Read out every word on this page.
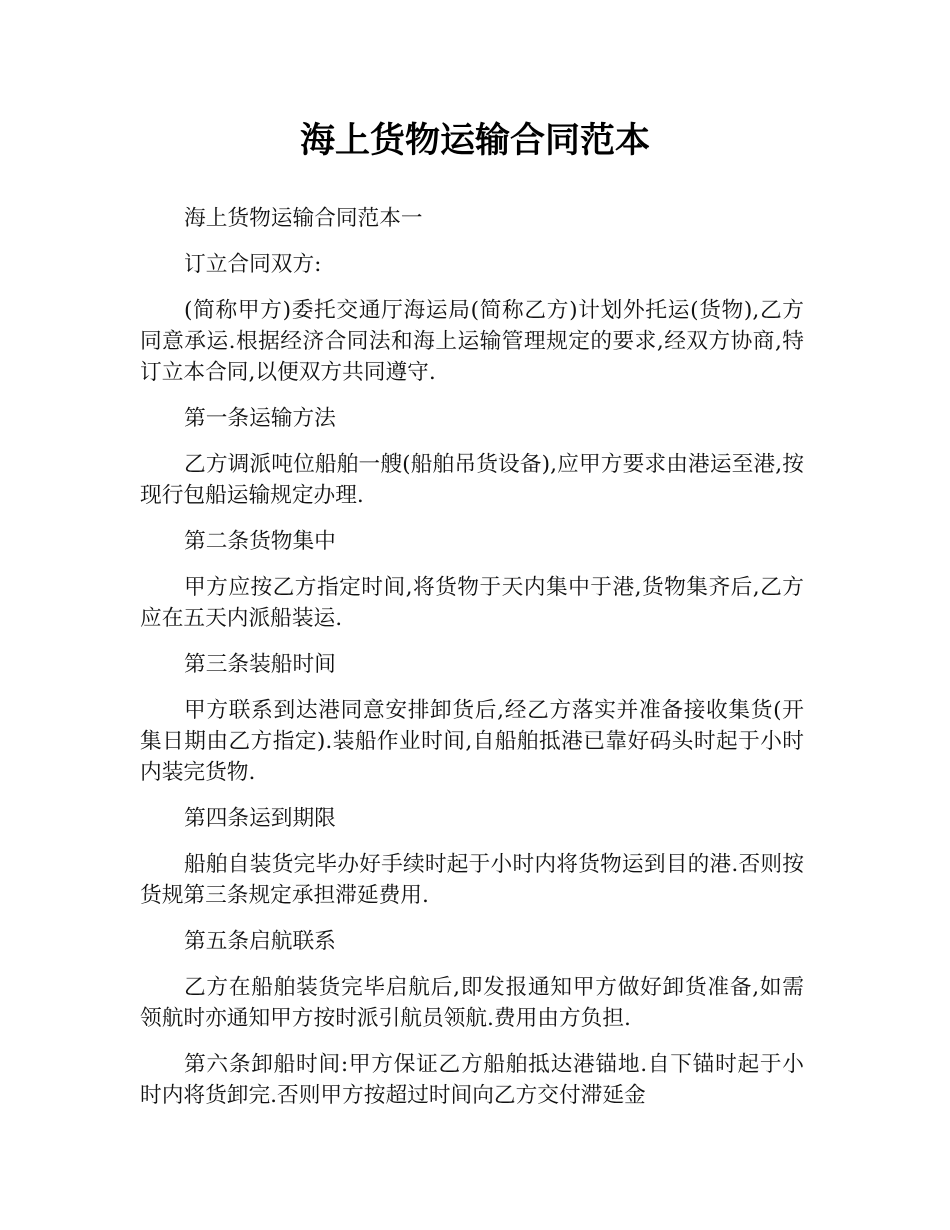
海上货物运输合同范本

海上货物运输合同范本一

订立合同双方:

(简称甲方)委托交通厅海运局(简称乙方)计划外托运(货物),乙方同意承运.根据经济合同法和海上运输管理规定的要求,经双方协商,特订立本合同,以便双方共同遵守.

第一条运输方法

乙方调派吨位船舶一艘(船舶吊货设备),应甲方要求由港运至港,按现行包船运输规定办理.

第二条货物集中

甲方应按乙方指定时间,将货物于天内集中于港,货物集齐后,乙方应在五天内派船装运.

第三条装船时间

甲方联系到达港同意安排卸货后,经乙方落实并准备接收集货(开集日期由乙方指定).装船作业时间,自船舶抵港已靠好码头时起于小时内装完货物.

第四条运到期限

船舶自装货完毕办好手续时起于小时内将货物运到目的港.否则按货规第三条规定承担滞延费用.

第五条启航联系

乙方在船舶装货完毕启航后,即发报通知甲方做好卸货准备,如需领航时亦通知甲方按时派引航员领航.费用由方负担.

第六条卸船时间:甲方保证乙方船舶抵达港锚地.自下锚时起于小时内将货卸完.否则甲方按超过时间向乙方交付滞延金
